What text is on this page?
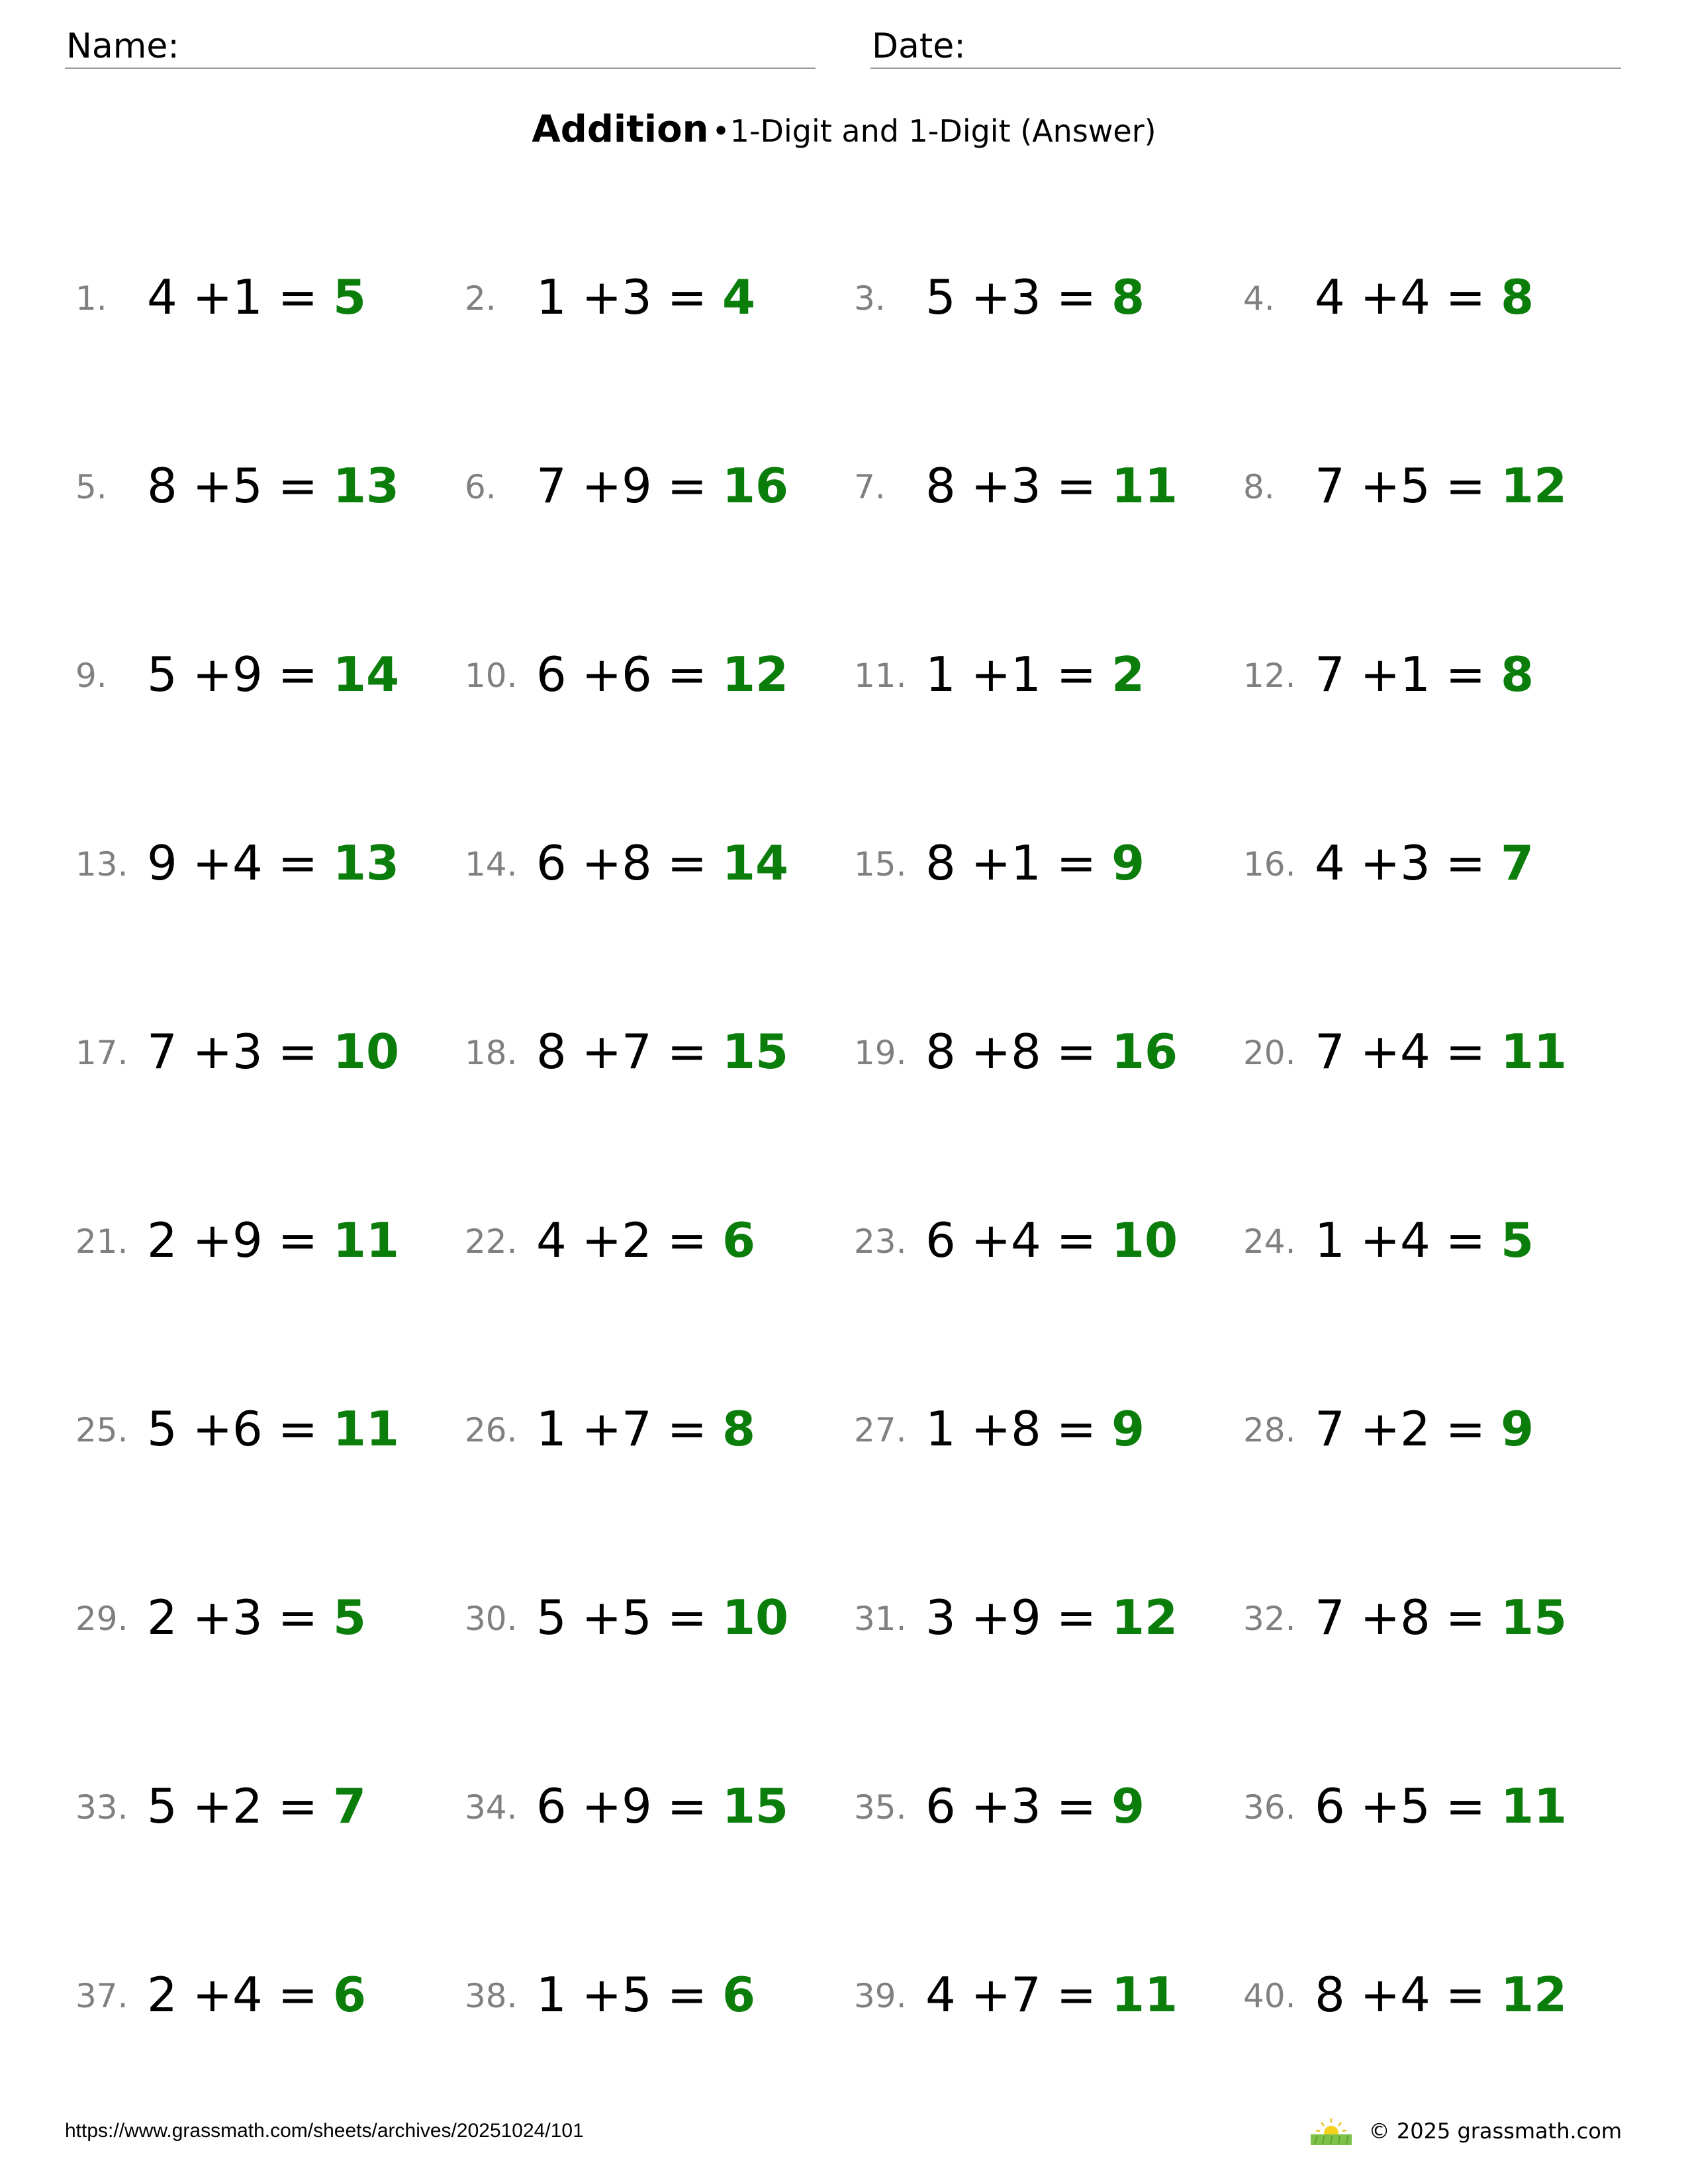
Name:	Date:
Addition •1-Digit and 1-Digit (Answer)
1. 4 +1 = 5	2. 1 +3 = 4	3. 5 +3 = 8	4. 4 +4 = 8
5. 8 +5 = 13 6. 7 +9 = 16 7. 8 +3 = 11 8. 7 +5 = 12
9. 5 +9 = 14 10. 6 +6 = 12 11. 1 +1 = 2	12. 7 +1 = 8
13. 9 +4 = 13 14. 6 +8 = 14 15. 8 +1 = 9	16. 4 +3 = 7
17. 7 +3 = 10 18. 8 +7 = 15 19. 8 +8 = 16 20. 7 +4 = 11
21. 2 +9 = 11 22. 4 +2 = 6	23. 6 +4 = 10 24. 1 +4 = 5
25. 5 +6 = 11 26. 1 +7 = 8	27. 1 +8 = 9	28. 7 +2 = 9
29. 2 +3 = 5	30. 5 +5 = 10 31. 3 +9 = 12 32. 7 +8 = 15
33. 5 +2 = 7	34. 6 +9 = 15 35. 6 +3 = 9	36. 6 +5 = 11
37. 2 +4 = 6	38. 1 +5 = 6	39. 4 +7 = 11 40. 8 +4 = 12
https://www.grassmath.com/sheets/archives/20251024/101	© 2025 grassmath.com
